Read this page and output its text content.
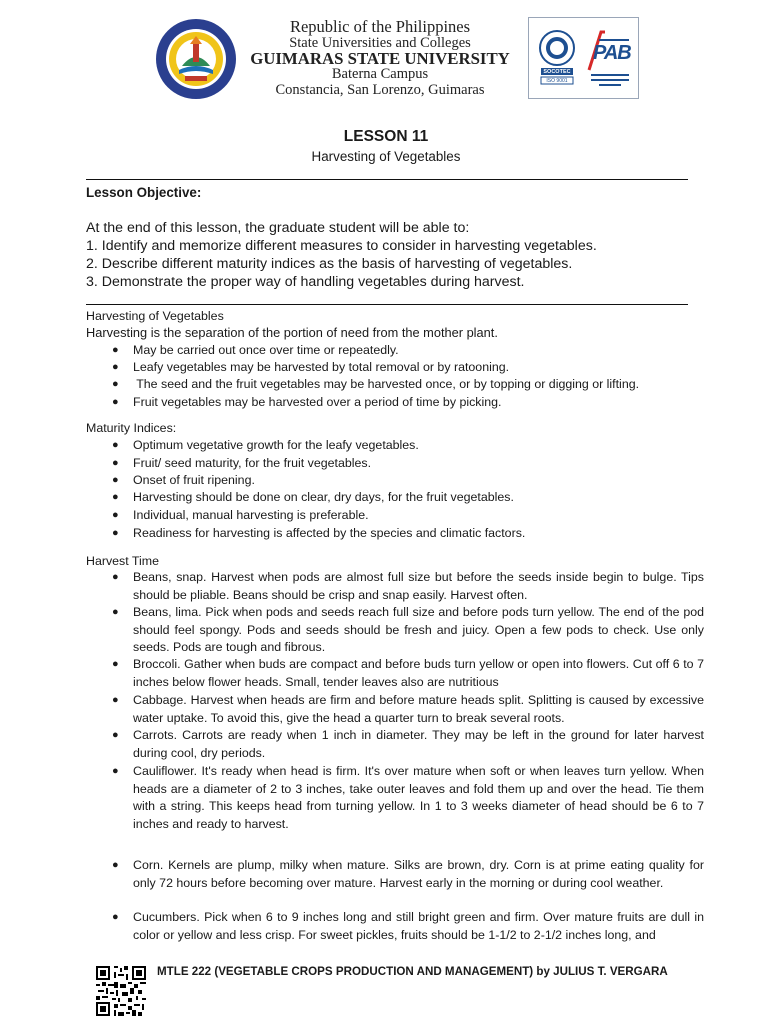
Republic of the Philippines
State Universities and Colleges
GUIMARAS STATE UNIVERSITY
Baterna Campus
Constancia, San Lorenzo, Guimaras
SOCOTEC
ISO 9001
PAB
LESSON 11
Harvesting of Vegetables
Lesson Objective:
At the end of this lesson, the graduate student will be able to:
1. Identify and memorize different measures to consider in harvesting vegetables.
2. Describe different maturity indices as the basis of harvesting of vegetables.
3. Demonstrate the proper way of handling vegetables during harvest.
Harvesting of Vegetables
Harvesting is the separation of the portion of need from the mother plant.
● May be carried out once over time or repeatedly.
● Leafy vegetables may be harvested by total removal or by ratooning.
● The seed and the fruit vegetables may be harvested once, or by topping or digging or lifting.
● Fruit vegetables may be harvested over a period of time by picking.
Maturity Indices:
● Optimum vegetative growth for the leafy vegetables.
● Fruit/ seed maturity, for the fruit vegetables.
● Onset of fruit ripening.
● Harvesting should be done on clear, dry days, for the fruit vegetables.
● Individual, manual harvesting is preferable.
● Readiness for harvesting is affected by the species and climatic factors.
Harvest Time
● Beans, snap. Harvest when pods are almost full size but before the seeds inside begin to bulge. Tips should be pliable. Beans should be crisp and snap easily. Harvest often.
● Beans, lima. Pick when pods and seeds reach full size and before pods turn yellow. The end of the pod should feel spongy. Pods and seeds should be fresh and juicy. Open a few pods to check. Use only seeds. Pods are tough and fibrous.
● Broccoli. Gather when buds are compact and before buds turn yellow or open into flowers. Cut off 6 to 7 inches below flower heads. Small, tender leaves also are nutritious
● Cabbage. Harvest when heads are firm and before mature heads split. Splitting is caused by excessive water uptake. To avoid this, give the head a quarter turn to break several roots.
● Carrots. Carrots are ready when 1 inch in diameter. They may be left in the ground for later harvest during cool, dry periods.
● Cauliflower. It's ready when head is firm. It's over mature when soft or when leaves turn yellow. When heads are a diameter of 2 to 3 inches, take outer leaves and fold them up and over the head. Tie them with a string. This keeps head from turning yellow. In 1 to 3 weeks diameter of head should be 6 to 7 inches and ready to harvest.
● Corn. Kernels are plump, milky when mature. Silks are brown, dry. Corn is at prime eating quality for only 72 hours before becoming over mature. Harvest early in the morning or during cool weather.
● Cucumbers. Pick when 6 to 9 inches long and still bright green and firm. Over mature fruits are dull in color or yellow and less crisp. For sweet pickles, fruits should be 1-1/2 to 2-1/2 inches long, and
MTLE 222 (VEGETABLE CROPS PRODUCTION AND MANAGEMENT) by JULIUS T. VERGARA
